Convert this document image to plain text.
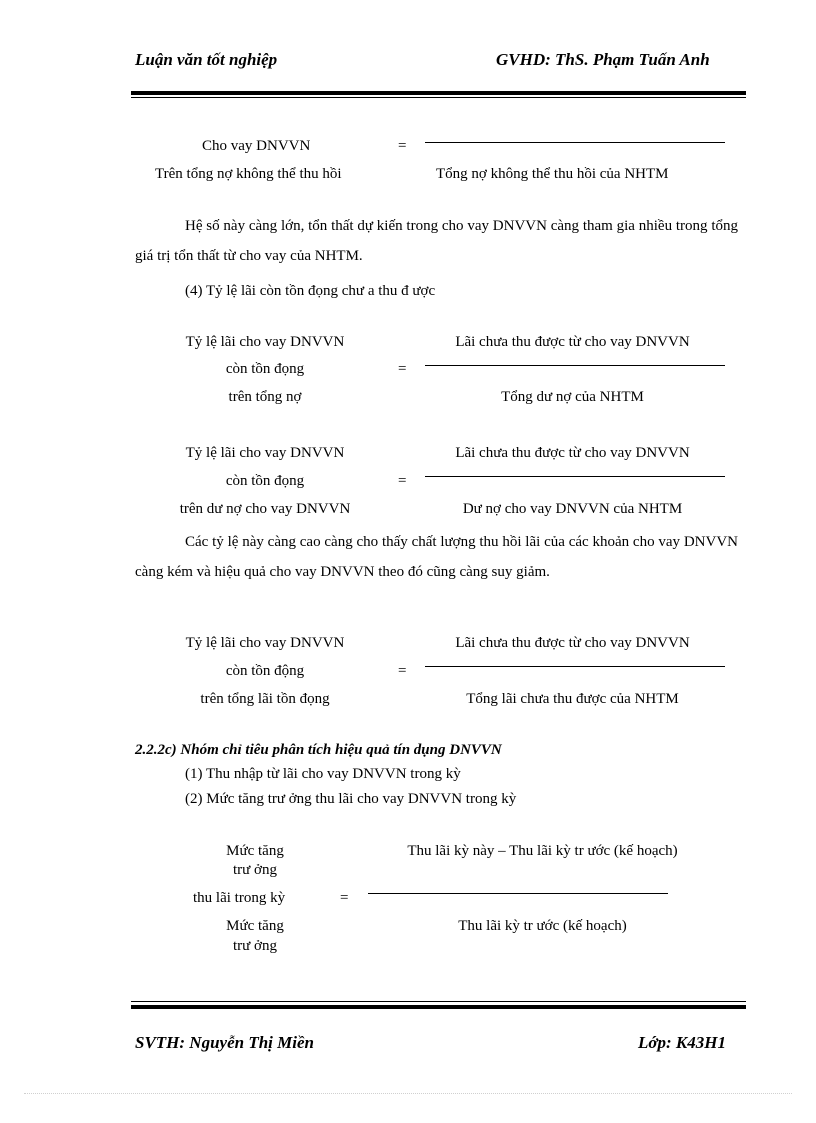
Luận văn tốt nghiệp	GVHD: ThS. Phạm Tuấn Anh
Cho vay DNVVN	=
Trên tổng nợ không thể thu hồi	Tổng nợ không thể thu hồi của NHTM
Hệ số này càng lớn, tổn thất dự kiến trong cho vay DNVVN càng tham gia nhiều trong tổng giá trị tổn thất từ cho vay của NHTM.
(4) Tỷ lệ lãi còn tồn đọng chư a thu đ ược
Tỷ lệ lãi cho vay DNVVN
còn tồn đọng
trên tổng nợ
=
Lãi chưa thu được từ cho vay DNVVN
Tổng dư nợ của NHTM
Tỷ lệ lãi cho vay DNVVN
còn tồn đọng
trên dư nợ cho vay DNVVN
=
Lãi chưa thu được từ cho vay DNVVN
Dư nợ cho vay DNVVN của NHTM
Các tỷ lệ này càng cao càng cho thấy chất lượng thu hồi lãi của các khoản cho vay DNVVN càng kém và hiệu quả cho vay DNVVN theo đó cũng càng suy giảm.
Tỷ lệ lãi cho vay DNVVN
còn tồn động
trên tổng lãi tồn đọng
=
Lãi chưa thu được từ cho vay DNVVN
Tổng lãi chưa thu được của NHTM
2.2.2c) Nhóm chỉ tiêu phân tích hiệu quả tín dụng DNVVN
(1) Thu nhập từ lãi cho vay DNVVN trong kỳ
(2) Mức tăng trư ởng thu lãi cho vay DNVVN trong kỳ
Mức tăng
trư ởng
thu lãi trong kỳ	=
Mức tăng
trư ởng
Thu lãi kỳ này – Thu lãi kỳ tr ước (kế hoạch)
Thu lãi kỳ tr ước (kế hoạch)
SVTH: Nguyễn Thị Miền	Lớp: K43H1
